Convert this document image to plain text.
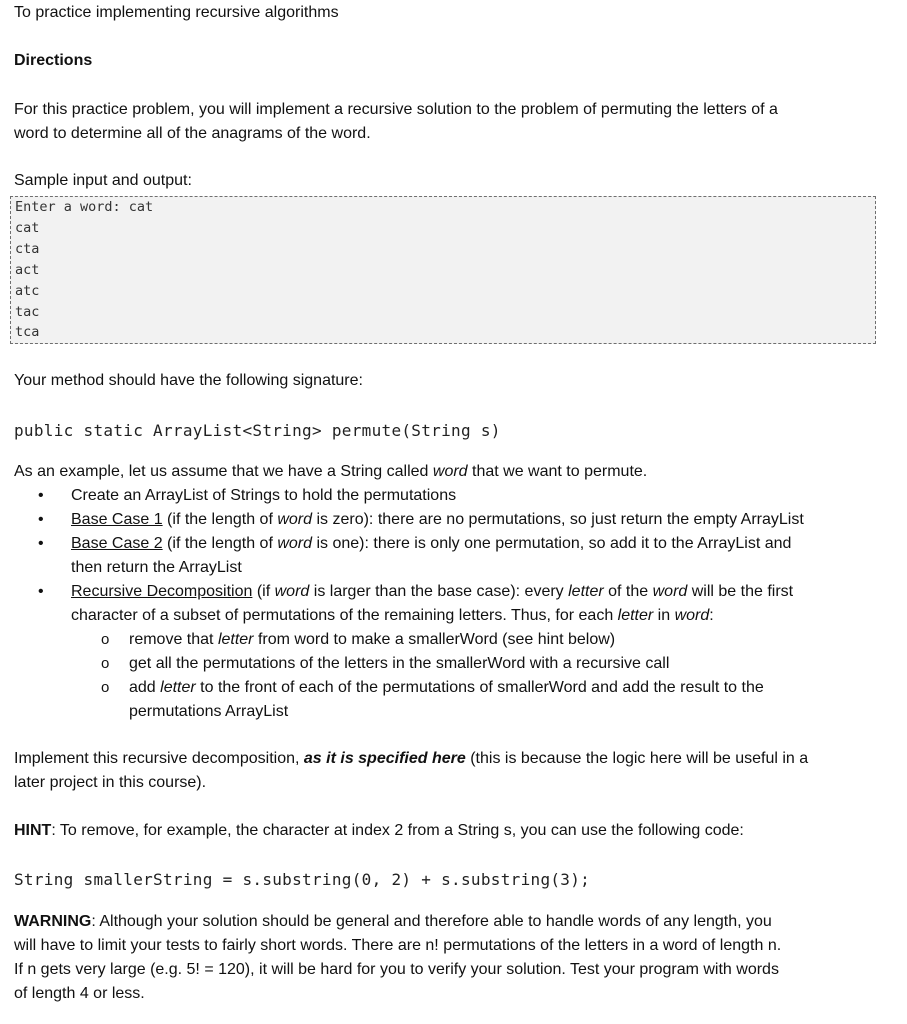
To practice implementing recursive algorithms
Directions
For this practice problem, you will implement a recursive solution to the problem of permuting the letters of a
word to determine all of the anagrams of the word.
Sample input and output:
Enter a word: cat
cat
cta
act
atc
tac
tca
Your method should have the following signature:
public static ArrayList<String> permute(String s)
As an example, let us assume that we have a String called word that we want to permute.
• Create an ArrayList of Strings to hold the permutations
• Base Case 1 (if the length of word is zero): there are no permutations, so just return the empty ArrayList
• Base Case 2 (if the length of word is one): there is only one permutation, so add it to the ArrayList and
then return the ArrayList
• Recursive Decomposition (if word is larger than the base case): every letter of the word will be the first
character of a subset of permutations of the remaining letters. Thus, for each letter in word:
o remove that letter from word to make a smallerWord (see hint below)
o get all the permutations of the letters in the smallerWord with a recursive call
o add letter to the front of each of the permutations of smallerWord and add the result to the
permutations ArrayList
Implement this recursive decomposition, as it is specified here (this is because the logic here will be useful in a
later project in this course).
HINT: To remove, for example, the character at index 2 from a String s, you can use the following code:
String smallerString = s.substring(0, 2) + s.substring(3);
WARNING: Although your solution should be general and therefore able to handle words of any length, you
will have to limit your tests to fairly short words. There are n! permutations of the letters in a word of length n.
If n gets very large (e.g. 5! = 120), it will be hard for you to verify your solution. Test your program with words
of length 4 or less.
